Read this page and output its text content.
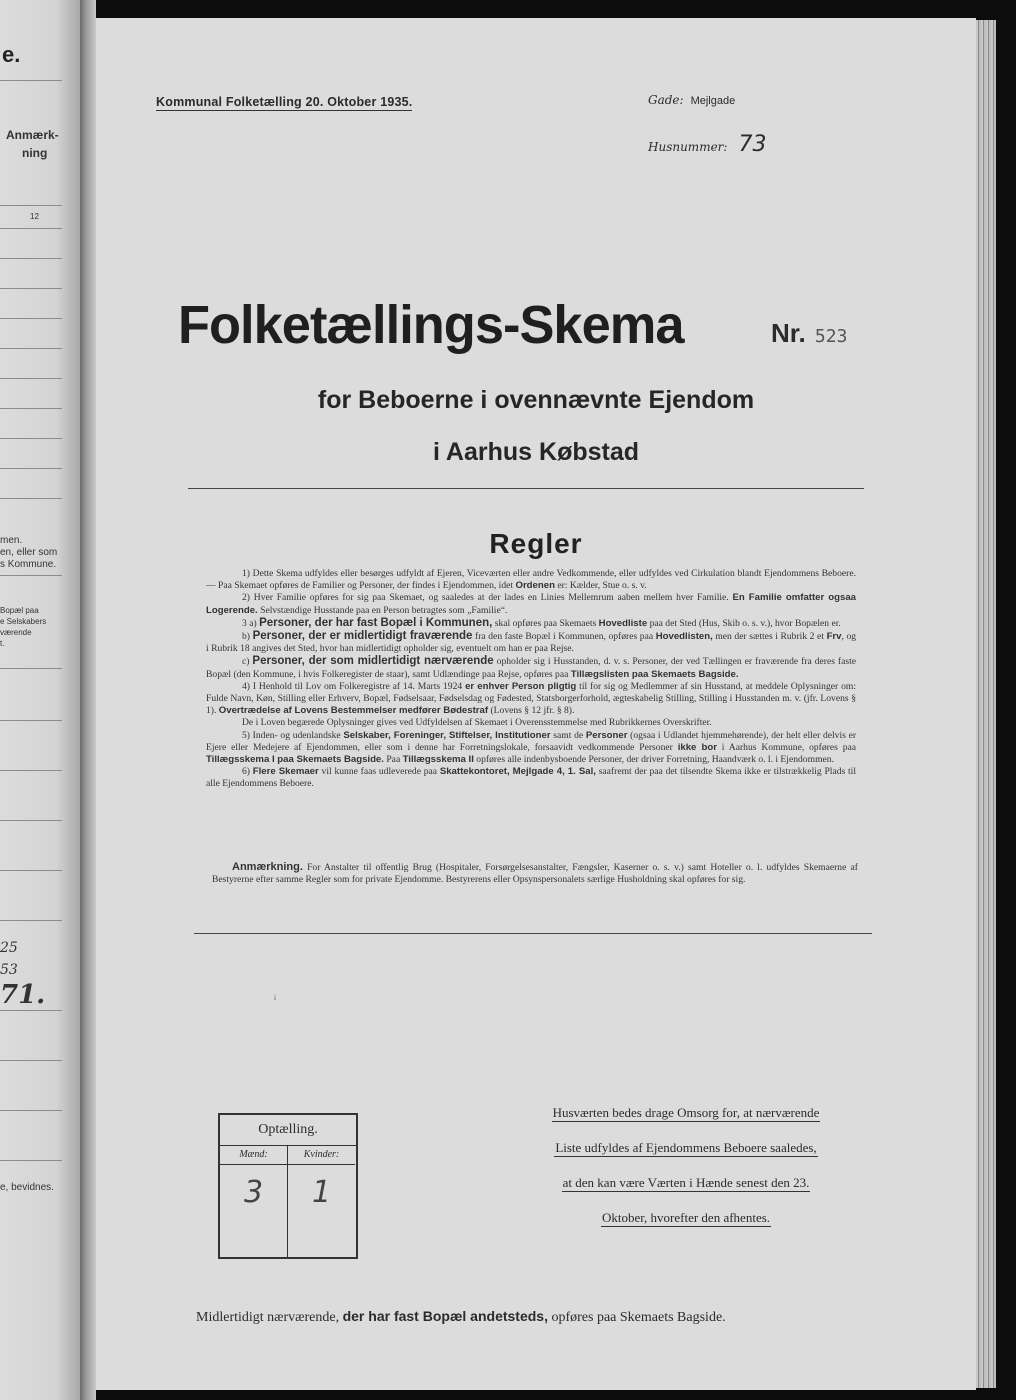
e.
Anmærk-
ning
12
men.
en, eller som
s Kommune.
Bopæl paa
e Selskabers
værende
t.
25
53
71.
e, bevidnes.
Kommunal Folketælling 20. Oktober 1935.	Gade: Mejlgade
Husnummer: 73
Folketællings-Skema	Nr. 523
for Beboerne i ovennævnte Ejendom
i Aarhus Købstad
Regler

1) Dette Skema udfyldes eller besørges udfyldt af Ejeren, Viceværten eller andre Vedkommende, eller udfyldes ved Cirkulation blandt Ejendommens Beboere. — Paa Skemaet opføres de Familier og Personer, der findes i Ejendommen, idet Ordenen er: Kælder, Stue o. s. v.

2) Hver Familie opføres for sig paa Skemaet, og saaledes at der lades en Linies Mellemrum aaben mellem hver Familie. En Familie omfatter ogsaa Logerende. Selvstændige Husstande paa en Person betragtes som „Familie“.

3 a) Personer, der har fast Bopæl i Kommunen, skal opføres paa Skemaets Hovedliste paa det Sted (Hus, Skib o. s. v.), hvor Bopælen er.

b) Personer, der er midlertidigt fraværende fra den faste Bopæl i Kommunen, opføres paa Hovedlisten, men der sættes i Rubrik 2 et Frv, og i Rubrik 18 angives det Sted, hvor han midlertidigt opholder sig, eventuelt om han er paa Rejse.

c) Personer, der som midlertidigt nærværende opholder sig i Husstanden, d. v. s. Personer, der ved Tællingen er fraværende fra deres faste Bopæl (den Kommune, i hvis Folkeregister de staar), samt Udlændinge paa Rejse, opføres paa Tillægslisten paa Skemaets Bagside.

4) I Henhold til Lov om Folkeregistre af 14. Marts 1924 er enhver Person pligtig til for sig og Medlemmer af sin Husstand, at meddele Oplysninger om: Fulde Navn, Køn, Stilling eller Erhverv, Bopæl, Fødselsaar, Fødselsdag og Fødested, Statsborgerforhold, ægteskabelig Stilling, Stilling i Husstanden m. v. (jfr. Lovens § 1). Overtrædelse af Lovens Bestemmelser medfører Bødestraf (Lovens § 12 jfr. § 8).

De i Loven begærede Oplysninger gives ved Udfyldelsen af Skemaet i Overensstemmelse med Rubrikkernes Overskrifter.

5) Inden- og udenlandske Selskaber, Foreninger, Stiftelser, Institutioner samt de Personer (ogsaa i Udlandet hjemmehørende), der helt eller delvis er Ejere eller Medejere af Ejendommen, eller som i denne har Forretningslokale, forsaavidt vedkommende Personer ikke bor i Aarhus Kommune, opføres paa Tillægsskema I paa Skemaets Bagside. Paa Tillægsskema II opføres alle indenbysboende Personer, der driver Forretning, Haandværk o. l. i Ejendommen.

6) Flere Skemaer vil kunne faas udleverede paa Skattekontoret, Mejlgade 4, 1. Sal, saafremt der paa det tilsendte Skema ikke er tilstrækkelig Plads til alle Ejendommens Beboere.

Anmærkning. For Anstalter til offentlig Brug (Hospitaler, Forsørgelsesanstalter, Fængsler, Kaserner o. s. v.) samt Hoteller o. l. udfyldes Skemaerne af Bestyrerne efter samme Regler som for private Ejendomme. Bestyrerens eller Opsynspersonalets særlige Husholdning skal opføres for sig.

ᛍ
Optælling.
Mænd:
3
Kvinder:
1
Husværten bedes drage Omsorg for, at nærværende
Liste udfyldes af Ejendommens Beboere saaledes,
at den kan være Værten i Hænde senest den 23.
Oktober, hvorefter den afhentes.
Midlertidigt nærværende, der har fast Bopæl andetsteds, opføres paa Skemaets Bagside.
